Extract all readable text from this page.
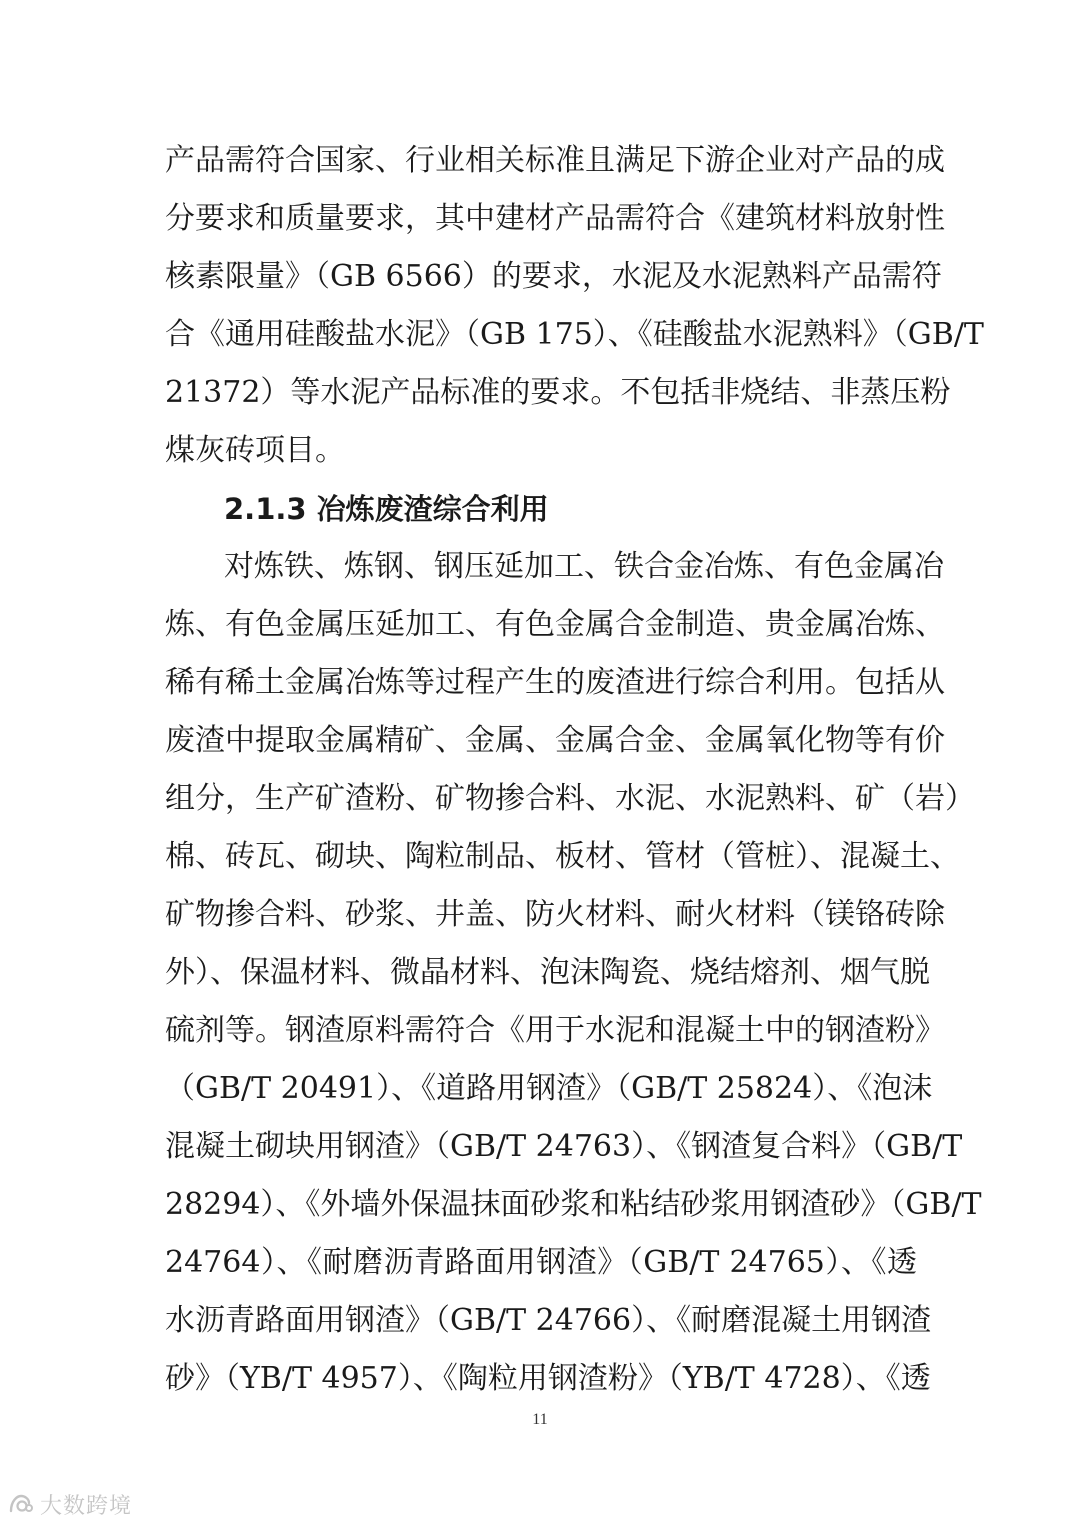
产品需符合国家、行业相关标准且满足下游企业对产品的成
分要求和质量要求，其中建材产品需符合《建筑材料放射性
核素限量》（GB 6566）的要求，水泥及水泥熟料产品需符
合《通用硅酸盐水泥》（GB 175）、《硅酸盐水泥熟料》（GB/T
21372）等水泥产品标准的要求。不包括非烧结、非蒸压粉
煤灰砖项目。
2.1.3 冶炼废渣综合利用
对炼铁、炼钢、钢压延加工、铁合金冶炼、有色金属冶
炼、有色金属压延加工、有色金属合金制造、贵金属冶炼、
稀有稀土金属冶炼等过程产生的废渣进行综合利用。包括从
废渣中提取金属精矿、金属、金属合金、金属氧化物等有价
组分，生产矿渣粉、矿物掺合料、水泥、水泥熟料、矿（岩）
棉、砖瓦、砌块、陶粒制品、板材、管材（管桩）、混凝土、
矿物掺合料、砂浆、井盖、防火材料、耐火材料（镁铬砖除
外）、保温材料、微晶材料、泡沫陶瓷、烧结熔剂、烟气脱
硫剂等。钢渣原料需符合《用于水泥和混凝土中的钢渣粉》
（GB/T 20491）、《道路用钢渣》（GB/T 25824）、《泡沫
混凝土砌块用钢渣》（GB/T 24763）、《钢渣复合料》（GB/T
28294）、《外墙外保温抹面砂浆和粘结砂浆用钢渣砂》（GB/T
24764）、《耐磨沥青路面用钢渣》（GB/T 24765）、《透
水沥青路面用钢渣》（GB/T 24766）、《耐磨混凝土用钢渣
砂》（YB/T 4957）、《陶粒用钢渣粉》（YB/T 4728）、《透
11
大数跨境
